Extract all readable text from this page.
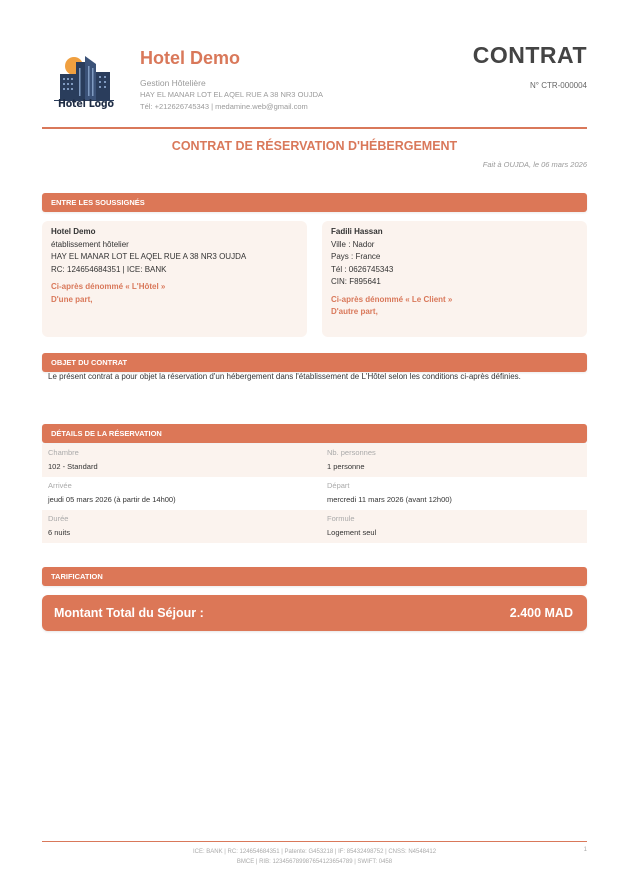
Hotel Logo
Hotel Demo
Gestion Hôtelière
HAY EL MANAR LOT EL AQEL RUE A 38 NR3 OUJDA
Tél: +212626745343 | medamine.web@gmail.com
CONTRAT
N° CTR-000004
CONTRAT DE RÉSERVATION D'HÉBERGEMENT
Fait à OUJDA, le 06 mars 2026
ENTRE LES SOUSSIGNÉS
Hotel Demo
établissement hôtelier
HAY EL MANAR LOT EL AQEL RUE A 38 NR3 OUJDA
RC: 124654684351 | ICE: BANK
Ci-après dénommé « L'Hôtel »
D'une part,
Fadili Hassan
Ville : Nador
Pays : France
Tél : 0626745343
CIN: F895641
Ci-après dénommé « Le Client »
D'autre part,
OBJET DU CONTRAT
Le présent contrat a pour objet la réservation d'un hébergement dans l'établissement de L'Hôtel selon les conditions ci-après définies.
DÉTAILS DE LA RÉSERVATION
Chambre
102 - Standard
Nb. personnes
1 personne
Arrivée
jeudi 05 mars 2026 (à partir de 14h00)
Départ
mercredi 11 mars 2026 (avant 12h00)
Durée
6 nuits
Formule
Logement seul
TARIFICATION
Montant Total du Séjour :	2.400 MAD
ICE: BANK | RC: 124654684351 | Patente: G453218 | IF: 85432498752 | CNSS: N4548412
BMCE | RIB: 123456789987654123654789 | SWIFT: 0458
1
